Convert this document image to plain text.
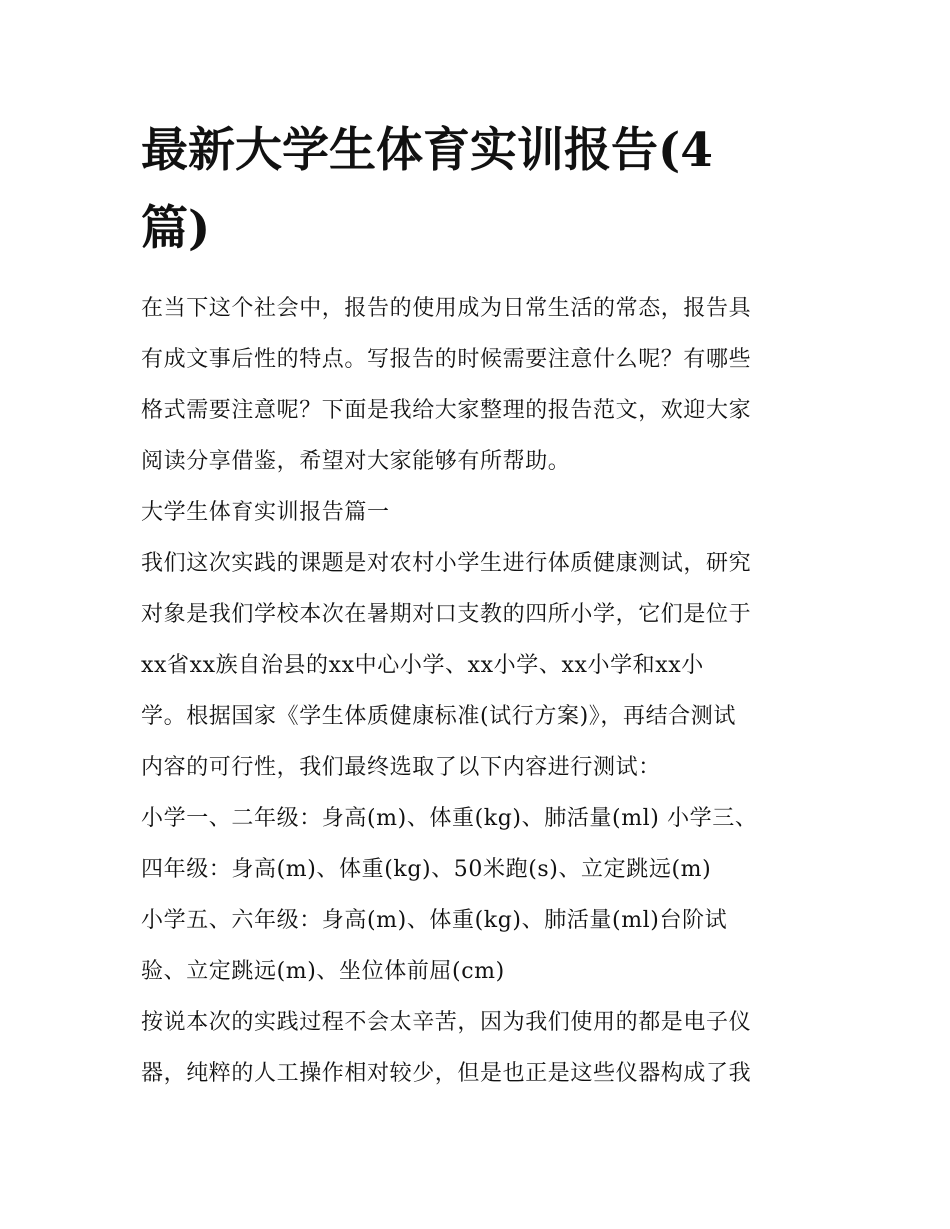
最新大学生体育实训报告(4篇)
在当下这个社会中，报告的使用成为日常生活的常态，报告具
有成文事后性的特点。写报告的时候需要注意什么呢？有哪些
格式需要注意呢？下面是我给大家整理的报告范文，欢迎大家
阅读分享借鉴，希望对大家能够有所帮助。
大学生体育实训报告篇一
我们这次实践的课题是对农村小学生进行体质健康测试，研究
对象是我们学校本次在暑期对口支教的四所小学，它们是位于
xx省xx族自治县的xx中心小学、xx小学、xx小学和xx小
学。根据国家《学生体质健康标准(试行方案)》，再结合测试
内容的可行性，我们最终选取了以下内容进行测试：
小学一、二年级：身高(m)、体重(kg)、肺活量(ml) 小学三、
四年级：身高(m)、体重(kg)、50米跑(s)、立定跳远(m)
小学五、六年级：身高(m)、体重(kg)、肺活量(ml)台阶试
验、立定跳远(m)、坐位体前屈(cm)
按说本次的实践过程不会太辛苦，因为我们使用的都是电子仪
器，纯粹的人工操作相对较少，但是也正是这些仪器构成了我
